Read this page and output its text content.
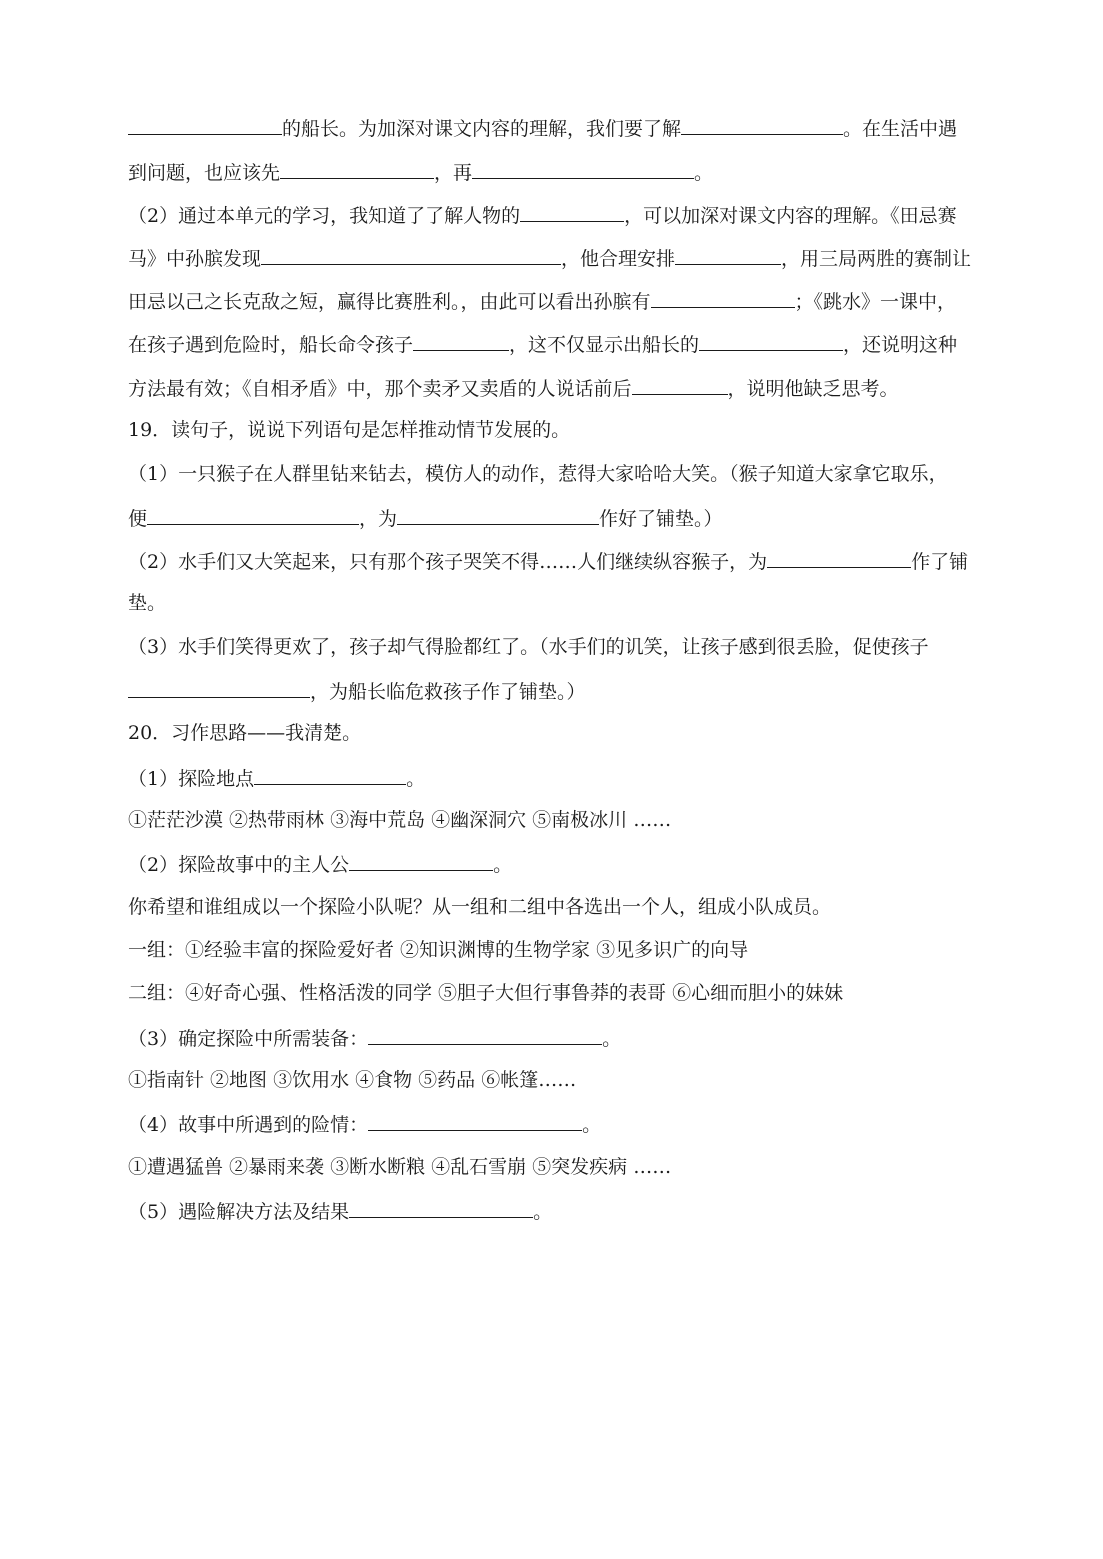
的船长。为加深对课文内容的理解，我们要了解	。在生活中遇
到问题，也应该先	，再	。
（2）通过本单元的学习，我知道了了解人物的	，可以加深对课文内容的理解。《田忌赛
马》中孙膑发现	，他合理安排	，用三局两胜的赛制让
田忌以己之长克敌之短，赢得比赛胜利。，由此可以看出孙膑有	；《跳水》一课中，
在孩子遇到危险时，船长命令孩子	，这不仅显示出船长的	，还说明这种
方法最有效；《自相矛盾》中，那个卖矛又卖盾的人说话前后	，说明他缺乏思考。
19．读句子，说说下列语句是怎样推动情节发展的。
（1）一只猴子在人群里钻来钻去，模仿人的动作，惹得大家哈哈大笑。（猴子知道大家拿它取乐，
便	，为	作好了铺垫。）
（2）水手们又大笑起来，只有那个孩子哭笑不得……人们继续纵容猴子，为	作了铺
垫。
（3）水手们笑得更欢了，孩子却气得脸都红了。（水手们的讥笑，让孩子感到很丢脸，促使孩子
，为船长临危救孩子作了铺垫。）
20．习作思路——我清楚。
（1）探险地点	。
①茫茫沙漠 ②热带雨林 ③海中荒岛 ④幽深洞穴 ⑤南极冰川 ……
（2）探险故事中的主人公	。
你希望和谁组成以一个探险小队呢？从一组和二组中各选出一个人，组成小队成员。
一组：①经验丰富的探险爱好者 ②知识渊博的生物学家 ③见多识广的向导
二组：④好奇心强、性格活泼的同学 ⑤胆子大但行事鲁莽的表哥 ⑥心细而胆小的妹妹
（3）确定探险中所需装备：	。
①指南针 ②地图 ③饮用水 ④食物 ⑤药品 ⑥帐篷……
（4）故事中所遇到的险情：	。
①遭遇猛兽 ②暴雨来袭 ③断水断粮 ④乱石雪崩 ⑤突发疾病 ……
（5）遇险解决方法及结果	。
